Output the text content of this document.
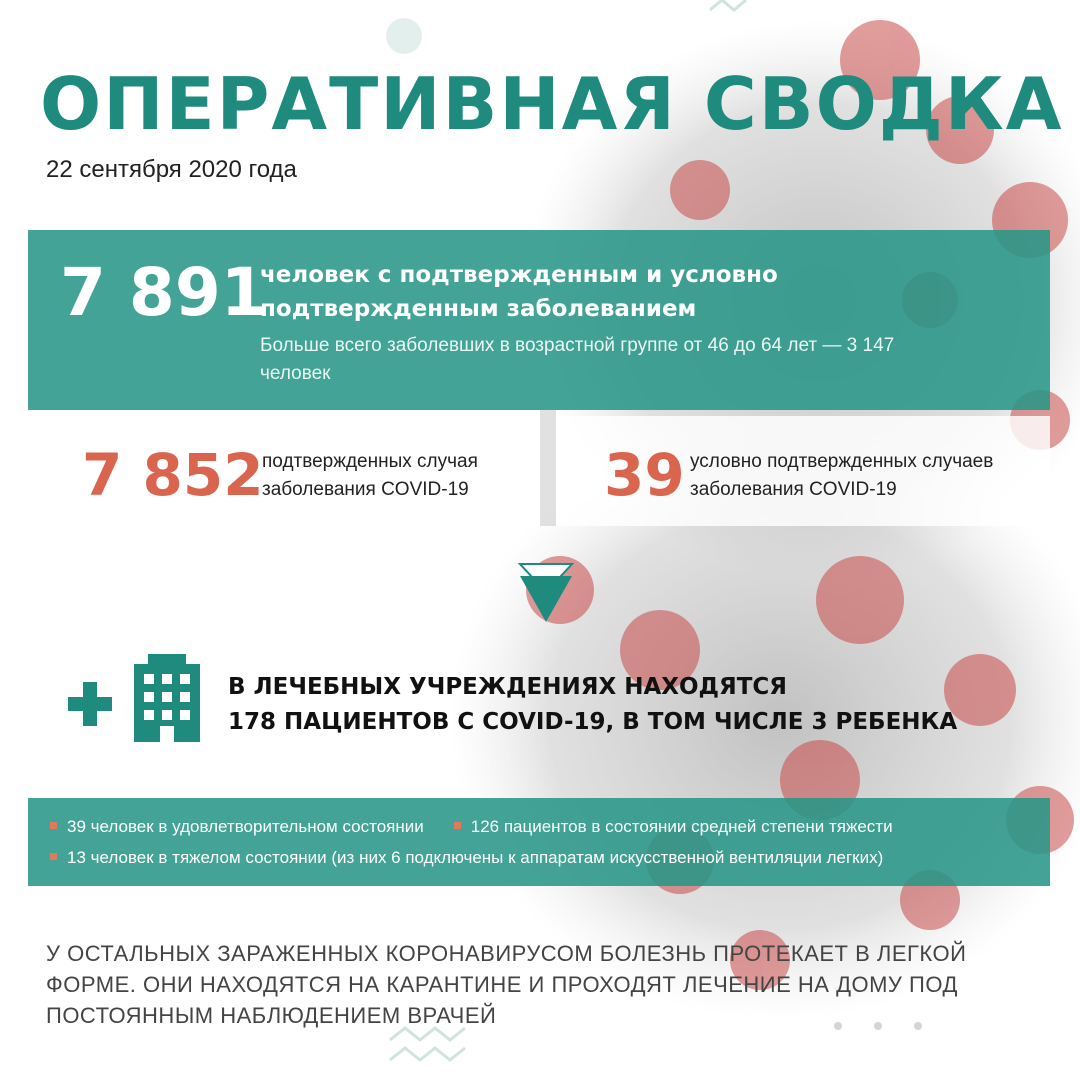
ОПЕРАТИВНАЯ СВОДКА
22 сентября 2020 года
7 891
человек с подтвержденным и условно подтвержденным заболеванием
Больше всего заболевших в возрастной группе от 46 до 64 лет — 3 147 человек
7 852
подтвержденных случая заболевания COVID-19	39 условно подтвержденных случаев заболевания COVID-19
В ЛЕЧЕБНЫХ УЧРЕЖДЕНИЯХ НАХОДЯТСЯ
178 ПАЦИЕНТОВ С COVID-19, В ТОМ ЧИСЛЕ 3 РЕБЕНКА
39 человек в удовлетворительном состоянии	126 пациентов в состоянии средней степени тяжести
13 человек в тяжелом состоянии (из них 6 подключены к аппаратам искусственной вентиляции легких)
У ОСТАЛЬНЫХ ЗАРАЖЕННЫХ КОРОНАВИРУСОМ БОЛЕЗНЬ ПРОТЕКАЕТ В ЛЕГКОЙ ФОРМЕ. ОНИ НАХОДЯТСЯ НА КАРАНТИНЕ И ПРОХОДЯТ ЛЕЧЕНИЕ НА ДОМУ ПОД ПОСТОЯННЫМ НАБЛЮДЕНИЕМ ВРАЧЕЙ
